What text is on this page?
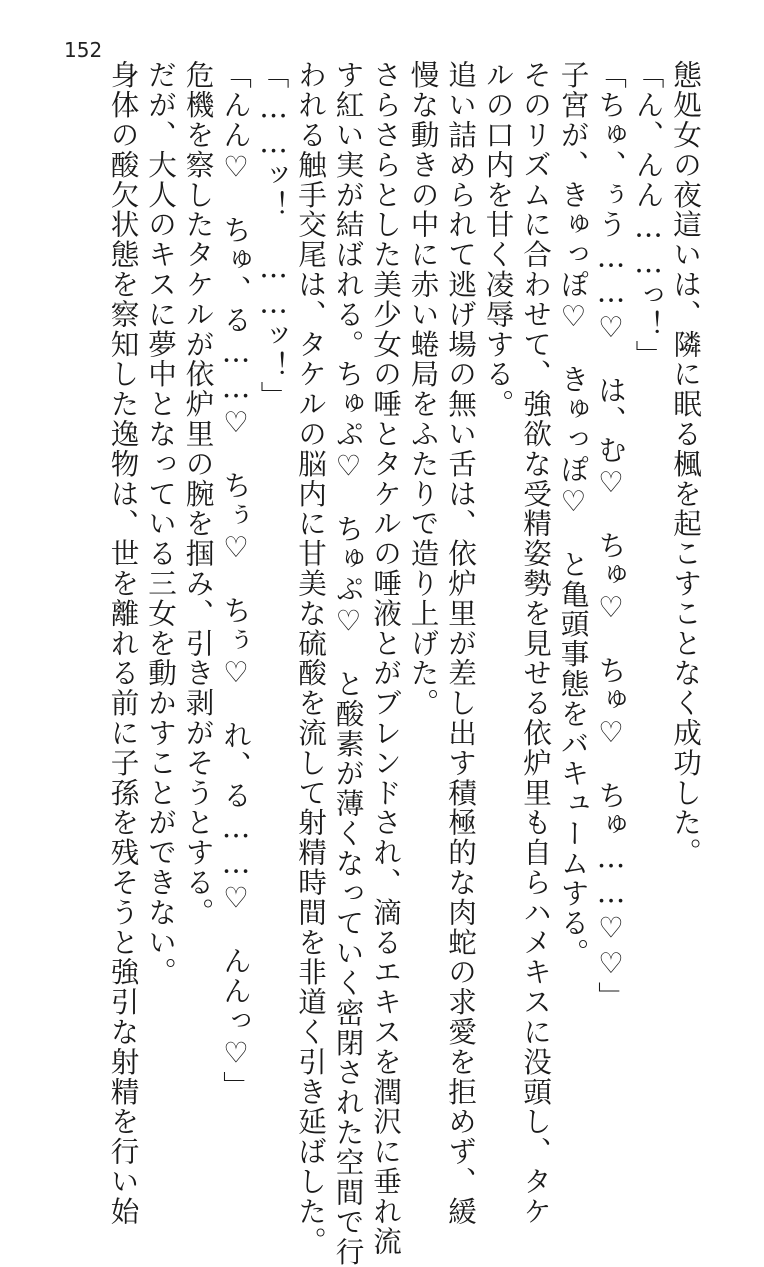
152
態処女の夜這いは、隣に眠る楓を起こすことなく成功した。
「ん、んん……っ！」
「ちゅ、ぅう……♡　は、む♡　ちゅ♡　ちゅ♡　ちゅ……♡♡」
子宮が、きゅっぽ♡　きゅっぽ♡　と亀頭事態をバキュームする。
そのリズムに合わせて、強欲な受精姿勢を見せる依炉里も自らハメキスに没頭し、タケ
ルの口内を甘く凌辱する。
追い詰められて逃げ場の無い舌は、依炉里が差し出す積極的な肉蛇の求愛を拒めず、緩
慢な動きの中に赤い蜷局をふたりで造り上げた。
さらさらとした美少女の唾とタケルの唾液とがブレンドされ、滴るエキスを潤沢に垂れ流
す紅い実が結ばれる。ちゅぷ♡　ちゅぷ♡　と酸素が薄くなっていく密閉された空間で行
われる触手交尾は、タケルの脳内に甘美な硫酸を流して射精時間を非道く引き延ばした。
「……ッ！　……ッ！」
「んん♡　ちゅ、る……♡　ちぅ♡　ちぅ♡　れ、る……♡　んんっ♡」
危機を察したタケルが依炉里の腕を掴み、引き剥がそうとする。
だが、大人のキスに夢中となっている三女を動かすことができない。
身体の酸欠状態を察知した逸物は、世を離れる前に子孫を残そうと強引な射精を行い始
